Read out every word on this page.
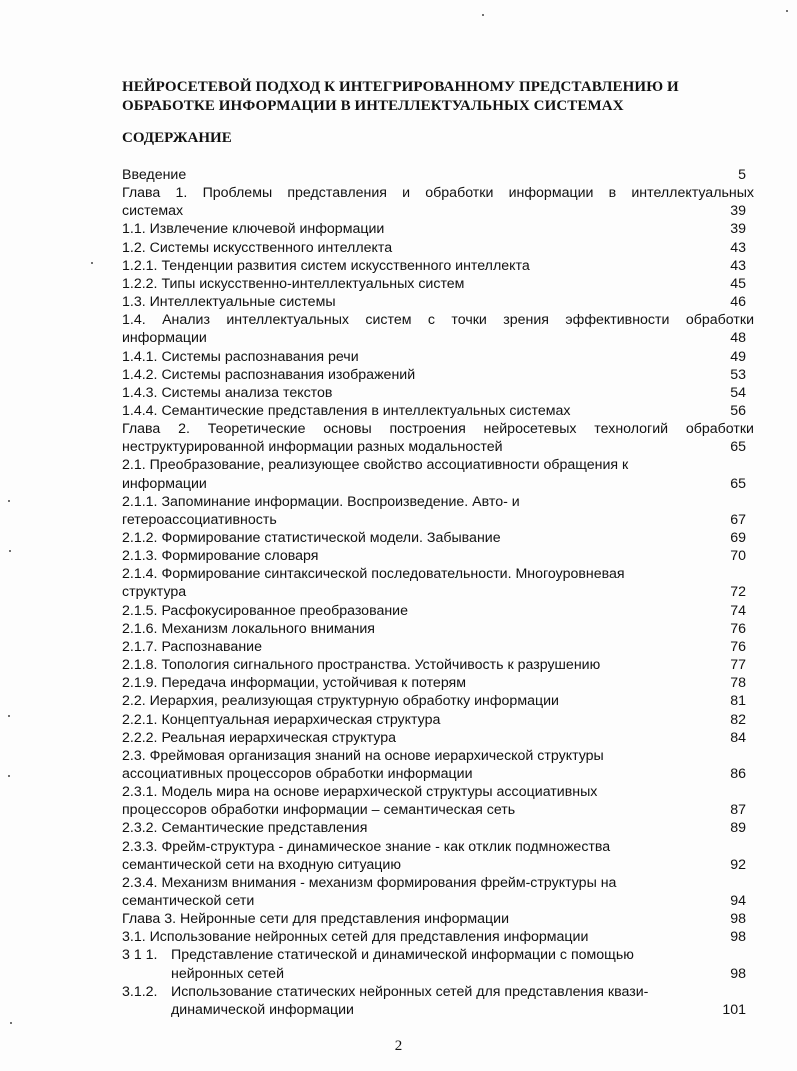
НЕЙРОСЕТЕВОЙ ПОДХОД К ИНТЕГРИРОВАННОМУ ПРЕДСТАВЛЕНИЮ И
ОБРАБОТКЕ ИНФОРМАЦИИ В ИНТЕЛЛЕКТУАЛЬНЫХ СИСТЕМАХ
СОДЕРЖАНИЕ
Введение	5
Глава 1. Проблемы представления и обработки информации в интеллектуальных
системах	39
1.1. Извлечение ключевой информации	39
1.2. Системы искусственного интеллекта	43
1.2.1. Тенденции развития систем искусственного интеллекта	43
1.2.2. Типы искусственно-интеллектуальных систем	45
1.3. Интеллектуальные системы	46
1.4. Анализ интеллектуальных систем с точки зрения эффективности обработки
информации	48
1.4.1. Системы распознавания речи	49
1.4.2. Системы распознавания изображений	53
1.4.3. Системы анализа текстов	54
1.4.4. Семантические представления в интеллектуальных системах	56
Глава 2. Теоретические основы построения нейросетевых технологий обработки
неструктурированной информации разных модальностей	65
2.1. Преобразование, реализующее свойство ассоциативности обращения к
информации	65
2.1.1. Запоминание информации. Воспроизведение. Авто- и
гетероассоциативность	67
2.1.2. Формирование статистической модели. Забывание	69
2.1.3. Формирование словаря	70
2.1.4. Формирование синтаксической последовательности. Многоуровневая
структура	72
2.1.5. Расфокусированное преобразование	74
2.1.6. Механизм локального внимания	76
2.1.7. Распознавание	76
2.1.8. Топология сигнального пространства. Устойчивость к разрушению	77
2.1.9. Передача информации, устойчивая к потерям	78
2.2. Иерархия, реализующая структурную обработку информации	81
2.2.1. Концептуальная иерархическая структура	82
2.2.2. Реальная иерархическая структура	84
2.3. Фреймовая организация знаний на основе иерархической структуры
ассоциативных процессоров обработки информации	86
2.3.1. Модель мира на основе иерархической структуры ассоциативных
процессоров обработки информации – семантическая сеть	87
2.3.2. Семантические представления	89
2.3.3. Фрейм-структура - динамическое знание - как отклик подмножества
семантической сети на входную ситуацию	92
2.3.4. Механизм внимания - механизм формирования фрейм-структуры на
семантической сети	94
Глава 3. Нейронные сети для представления информации	98
3.1. Использование нейронных сетей для представления информации	98
3 1 1. Представление статической и динамической информации с помощью
нейронных сетей	98
3.1.2. Использование статических нейронных сетей для представления квази-
динамической информации	101
2
